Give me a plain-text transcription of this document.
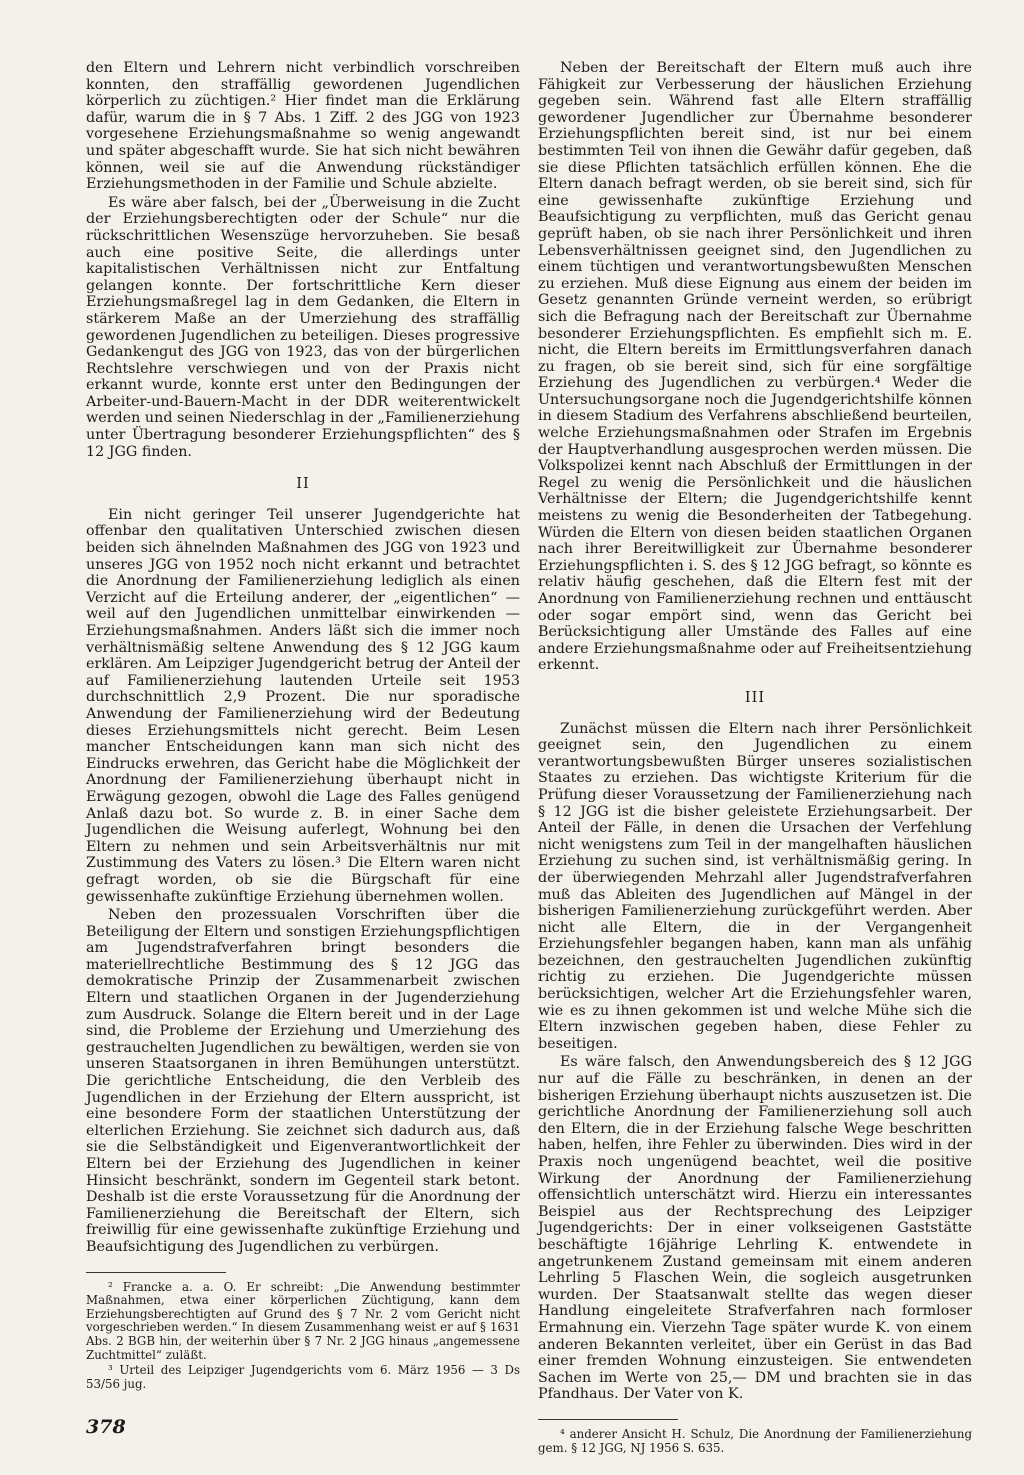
den Eltern und Lehrern nicht verbindlich vorschreiben konnten, den straffällig gewordenen Jugendlichen körperlich zu züchtigen.² Hier findet man die Erklärung dafür, warum die in § 7 Abs. 1 Ziff. 2 des JGG von 1923 vorgesehene Erziehungsmaßnahme so wenig angewandt und später abgeschafft wurde. Sie hat sich nicht bewähren können, weil sie auf die Anwendung rückständiger Erziehungsmethoden in der Familie und Schule abzielte.

Es wäre aber falsch, bei der „Überweisung in die Zucht der Erziehungsberechtigten oder der Schule“ nur die rückschrittlichen Wesenszüge hervorzuheben. Sie besaß auch eine positive Seite, die allerdings unter kapitalistischen Verhältnissen nicht zur Entfaltung gelangen konnte. Der fortschrittliche Kern dieser Erziehungsmaßregel lag in dem Gedanken, die Eltern in stärkerem Maße an der Umerziehung des straffällig gewordenen Jugendlichen zu beteiligen. Dieses progressive Gedankengut des JGG von 1923, das von der bürgerlichen Rechtslehre verschwiegen und von der Praxis nicht erkannt wurde, konnte erst unter den Bedingungen der Arbeiter-und-Bauern-Macht in der DDR weiterentwickelt werden und seinen Niederschlag in der „Familienerziehung unter Übertragung besonderer Erziehungspflichten“ des § 12 JGG finden.

II

Ein nicht geringer Teil unserer Jugendgerichte hat offenbar den qualitativen Unterschied zwischen diesen beiden sich ähnelnden Maßnahmen des JGG von 1923 und unseres JGG von 1952 noch nicht erkannt und betrachtet die Anordnung der Familienerziehung lediglich als einen Verzicht auf die Erteilung anderer, der „eigentlichen“ — weil auf den Jugendlichen unmittelbar einwirkenden — Erziehungsmaßnahmen. Anders läßt sich die immer noch verhältnismäßig seltene Anwendung des § 12 JGG kaum erklären. Am Leipziger Jugendgericht betrug der Anteil der auf Familienerziehung lautenden Urteile seit 1953 durchschnittlich 2,9 Prozent. Die nur sporadische Anwendung der Familienerziehung wird der Bedeutung dieses Erziehungsmittels nicht gerecht. Beim Lesen mancher Entscheidungen kann man sich nicht des Eindrucks erwehren, das Gericht habe die Möglichkeit der Anordnung der Familienerziehung überhaupt nicht in Erwägung gezogen, obwohl die Lage des Falles genügend Anlaß dazu bot. So wurde z. B. in einer Sache dem Jugendlichen die Weisung auferlegt, Wohnung bei den Eltern zu nehmen und sein Arbeitsverhältnis nur mit Zustimmung des Vaters zu lösen.³ Die Eltern waren nicht gefragt worden, ob sie die Bürgschaft für eine gewissenhafte zukünftige Erziehung übernehmen wollen.

Neben den prozessualen Vorschriften über die Beteiligung der Eltern und sonstigen Erziehungspflichtigen am Jugendstrafverfahren bringt besonders die materiellrechtliche Bestimmung des § 12 JGG das demokratische Prinzip der Zusammenarbeit zwischen Eltern und staatlichen Organen in der Jugenderziehung zum Ausdruck. Solange die Eltern bereit und in der Lage sind, die Probleme der Erziehung und Umerziehung des gestrauchelten Jugendlichen zu bewältigen, werden sie von unseren Staatsorganen in ihren Bemühungen unterstützt. Die gerichtliche Entscheidung, die den Verbleib des Jugendlichen in der Erziehung der Eltern ausspricht, ist eine besondere Form der staatlichen Unterstützung der elterlichen Erziehung. Sie zeichnet sich dadurch aus, daß sie die Selbständigkeit und Eigenverantwortlichkeit der Eltern bei der Erziehung des Jugendlichen in keiner Hinsicht beschränkt, sondern im Gegenteil stark betont. Deshalb ist die erste Voraussetzung für die Anordnung der Familienerziehung die Bereitschaft der Eltern, sich freiwillig für eine gewissenhafte zukünftige Erziehung und Beaufsichtigung des Jugendlichen zu verbürgen.

² Francke a. a. O. Er schreibt: „Die Anwendung bestimmter Maßnahmen, etwa einer körperlichen Züchtigung, kann dem Erziehungsberechtigten auf Grund des § 7 Nr. 2 vom Gericht nicht vorgeschrieben werden.“ In diesem Zusammenhang weist er auf § 1631 Abs. 2 BGB hin, der weiterhin über § 7 Nr. 2 JGG hinaus „angemessene Zuchtmittel“ zuläßt.

³ Urteil des Leipziger Jugendgerichts vom 6. März 1956 — 3 Ds 53/56 jug.

Neben der Bereitschaft der Eltern muß auch ihre Fähigkeit zur Verbesserung der häuslichen Erziehung gegeben sein. Während fast alle Eltern straffällig gewordener Jugendlicher zur Übernahme besonderer Erziehungspflichten bereit sind, ist nur bei einem bestimmten Teil von ihnen die Gewähr dafür gegeben, daß sie diese Pflichten tatsächlich erfüllen können. Ehe die Eltern danach befragt werden, ob sie bereit sind, sich für eine gewissenhafte zukünftige Erziehung und Beaufsichtigung zu verpflichten, muß das Gericht genau geprüft haben, ob sie nach ihrer Persönlichkeit und ihren Lebensverhältnissen geeignet sind, den Jugendlichen zu einem tüchtigen und verantwortungsbewußten Menschen zu erziehen. Muß diese Eignung aus einem der beiden im Gesetz genannten Gründe verneint werden, so erübrigt sich die Befragung nach der Bereitschaft zur Übernahme besonderer Erziehungspflichten. Es empfiehlt sich m. E. nicht, die Eltern bereits im Ermittlungsverfahren danach zu fragen, ob sie bereit sind, sich für eine sorgfältige Erziehung des Jugendlichen zu verbürgen.⁴ Weder die Untersuchungsorgane noch die Jugendgerichtshilfe können in diesem Stadium des Verfahrens abschließend beurteilen, welche Erziehungsmaßnahmen oder Strafen im Ergebnis der Hauptverhandlung ausgesprochen werden müssen. Die Volkspolizei kennt nach Abschluß der Ermittlungen in der Regel zu wenig die Persönlichkeit und die häuslichen Verhältnisse der Eltern; die Jugendgerichtshilfe kennt meistens zu wenig die Besonderheiten der Tatbegehung. Würden die Eltern von diesen beiden staatlichen Organen nach ihrer Bereitwilligkeit zur Übernahme besonderer Erziehungspflichten i. S. des § 12 JGG befragt, so könnte es relativ häufig geschehen, daß die Eltern fest mit der Anordnung von Familienerziehung rechnen und enttäuscht oder sogar empört sind, wenn das Gericht bei Berücksichtigung aller Umstände des Falles auf eine andere Erziehungsmaßnahme oder auf Freiheitsentziehung erkennt.

III

Zunächst müssen die Eltern nach ihrer Persönlichkeit geeignet sein, den Jugendlichen zu einem verantwortungsbewußten Bürger unseres sozialistischen Staates zu erziehen. Das wichtigste Kriterium für die Prüfung dieser Voraussetzung der Familienerziehung nach § 12 JGG ist die bisher geleistete Erziehungsarbeit. Der Anteil der Fälle, in denen die Ursachen der Verfehlung nicht wenigstens zum Teil in der mangelhaften häuslichen Erziehung zu suchen sind, ist verhältnismäßig gering. In der überwiegenden Mehrzahl aller Jugendstrafverfahren muß das Ableiten des Jugendlichen auf Mängel in der bisherigen Familienerziehung zurückgeführt werden. Aber nicht alle Eltern, die in der Vergangenheit Erziehungsfehler begangen haben, kann man als unfähig bezeichnen, den gestrauchelten Jugendlichen zukünftig richtig zu erziehen. Die Jugendgerichte müssen berücksichtigen, welcher Art die Erziehungsfehler waren, wie es zu ihnen gekommen ist und welche Mühe sich die Eltern inzwischen gegeben haben, diese Fehler zu beseitigen.

Es wäre falsch, den Anwendungsbereich des § 12 JGG nur auf die Fälle zu beschränken, in denen an der bisherigen Erziehung überhaupt nichts auszusetzen ist. Die gerichtliche Anordnung der Familienerziehung soll auch den Eltern, die in der Erziehung falsche Wege beschritten haben, helfen, ihre Fehler zu überwinden. Dies wird in der Praxis noch ungenügend beachtet, weil die positive Wirkung der Anordnung der Familienerziehung offensichtlich unterschätzt wird. Hierzu ein interessantes Beispiel aus der Rechtsprechung des Leipziger Jugendgerichts: Der in einer volkseigenen Gaststätte beschäftigte 16jährige Lehrling K. entwendete in angetrunkenem Zustand gemeinsam mit einem anderen Lehrling 5 Flaschen Wein, die sogleich ausgetrunken wurden. Der Staatsanwalt stellte das wegen dieser Handlung eingeleitete Strafverfahren nach formloser Ermahnung ein. Vierzehn Tage später wurde K. von einem anderen Bekannten verleitet, über ein Gerüst in das Bad einer fremden Wohnung einzusteigen. Sie entwendeten Sachen im Werte von 25,— DM und brachten sie in das Pfandhaus. Der Vater von K.

⁴ anderer Ansicht H. Schulz, Die Anordnung der Familienerziehung gem. § 12 JGG, NJ 1956 S. 635.

378
